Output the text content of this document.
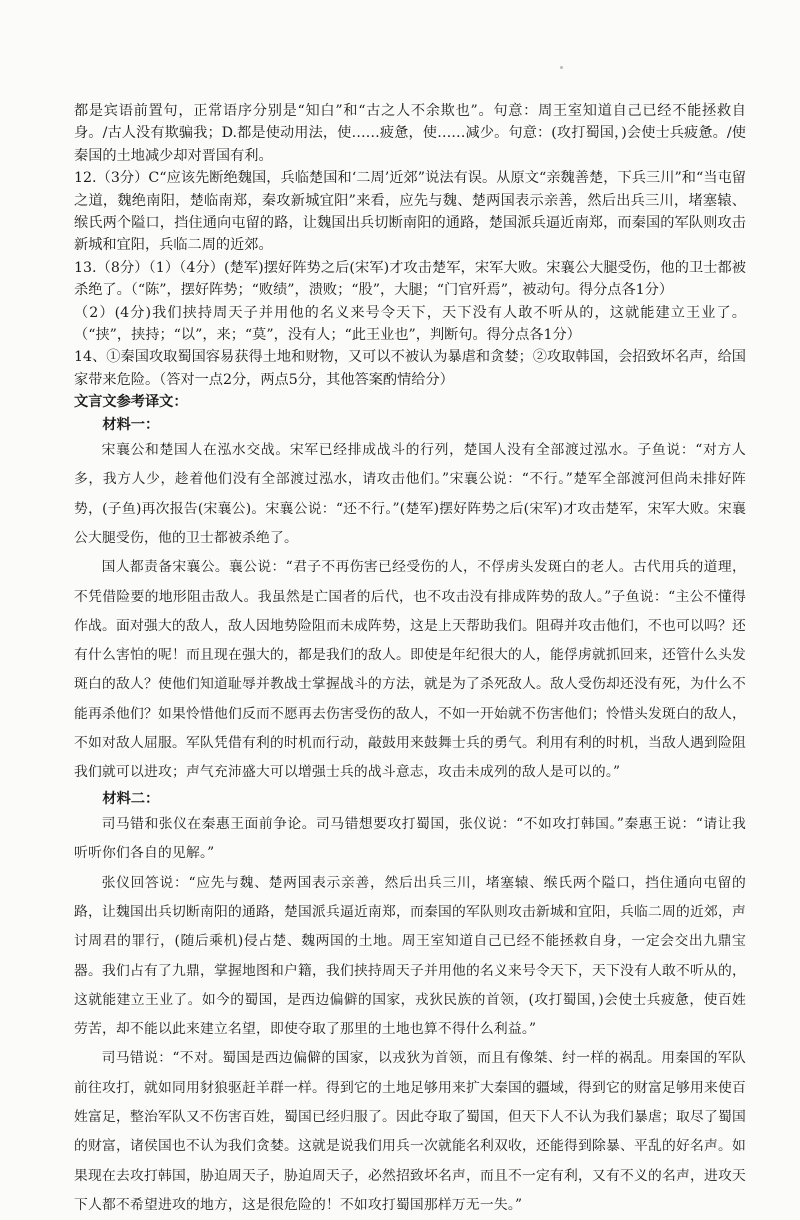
都是宾语前置句，正常语序分别是“知白”和“古之人不余欺也”。句意：周王室知道自己已经不能拯救自身。/古人没有欺骗我；D.都是使动用法，使……疲惫，使……减少。句意：(攻打蜀国，)会使士兵疲惫。/使秦国的土地减少却对晋国有利。

12.（3分）C“应该先断绝魏国，兵临楚国和‘二周’近郊”说法有误。从原文“亲魏善楚，下兵三川”和“当屯留之道，魏绝南阳，楚临南郑，秦攻新城宜阳”来看，应先与魏、楚两国表示亲善，然后出兵三川，堵塞辕、缑氏两个隘口，挡住通向屯留的路，让魏国出兵切断南阳的通路，楚国派兵逼近南郑，而秦国的军队则攻击新城和宜阳，兵临二周的近郊。

13.（8分）（1）（4分）(楚军)摆好阵势之后(宋军)才攻击楚军，宋军大败。宋襄公大腿受伤，他的卫士都被杀绝了。（“陈”，摆好阵势；“败绩”，溃败；“股”，大腿；“门官歼焉”，被动句。得分点各1分）

（2）(4分)我们挟持周天子并用他的名义来号令天下，天下没有人敢不听从的，这就能建立王业了。（“挟”，挟持；“以”，来；“莫”，没有人；“此王业也”，判断句。得分点各1分）

14、①秦国攻取蜀国容易获得土地和财物，又可以不被认为暴虐和贪婪；②攻取韩国，会招致坏名声，给国家带来危险。（答对一点2分，两点5分，其他答案酌情给分）

文言文参考译文：

材料一：

宋襄公和楚国人在泓水交战。宋军已经排成战斗的行列，楚国人没有全部渡过泓水。子鱼说：“对方人多，我方人少，趁着他们没有全部渡过泓水，请攻击他们。”宋襄公说：“不行。”楚军全部渡河但尚未排好阵势，(子鱼)再次报告(宋襄公)。宋襄公说：“还不行。”(楚军)摆好阵势之后(宋军)才攻击楚军，宋军大败。宋襄公大腿受伤，他的卫士都被杀绝了。

国人都责备宋襄公。襄公说：“君子不再伤害已经受伤的人，不俘虏头发斑白的老人。古代用兵的道理，不凭借险要的地形阻击敌人。我虽然是亡国者的后代，也不攻击没有排成阵势的敌人。”子鱼说：“主公不懂得作战。面对强大的敌人，敌人因地势险阻而未成阵势，这是上天帮助我们。阻碍并攻击他们，不也可以吗？还有什么害怕的呢！而且现在强大的，都是我们的敌人。即使是年纪很大的人，能俘虏就抓回来，还管什么头发斑白的敌人？使他们知道耻辱并教战士掌握战斗的方法，就是为了杀死敌人。敌人受伤却还没有死，为什么不能再杀他们？如果怜惜他们反而不愿再去伤害受伤的敌人，不如一开始就不伤害他们；怜惜头发斑白的敌人，不如对敌人屈服。军队凭借有利的时机而行动，敲鼓用来鼓舞士兵的勇气。利用有利的时机，当敌人遇到险阻我们就可以进攻；声气充沛盛大可以增强士兵的战斗意志，攻击未成列的敌人是可以的。”

材料二：

司马错和张仪在秦惠王面前争论。司马错想要攻打蜀国，张仪说：“不如攻打韩国。”秦惠王说：“请让我听听你们各自的见解。”

张仪回答说：“应先与魏、楚两国表示亲善，然后出兵三川，堵塞辕、缑氏两个隘口，挡住通向屯留的路，让魏国出兵切断南阳的通路，楚国派兵逼近南郑，而秦国的军队则攻击新城和宜阳，兵临二周的近郊，声讨周君的罪行，(随后乘机)侵占楚、魏两国的土地。周王室知道自己已经不能拯救自身，一定会交出九鼎宝器。我们占有了九鼎，掌握地图和户籍，我们挟持周天子并用他的名义来号令天下，天下没有人敢不听从的，这就能建立王业了。如今的蜀国，是西边偏僻的国家，戎狄民族的首领，(攻打蜀国，)会使士兵疲惫，使百姓劳苦，却不能以此来建立名望，即使夺取了那里的土地也算不得什么利益。”

司马错说：“不对。蜀国是西边偏僻的国家，以戎狄为首领，而且有像桀、纣一样的祸乱。用秦国的军队前往攻打，就如同用豺狼驱赶羊群一样。得到它的土地足够用来扩大秦国的疆域，得到它的财富足够用来使百姓富足，整治军队又不伤害百姓，蜀国已经归服了。因此夺取了蜀国，但天下人不认为我们暴虐；取尽了蜀国的财富，诸侯国也不认为我们贪婪。这就是说我们用兵一次就能名利双收，还能得到除暴、平乱的好名声。如果现在去攻打韩国，胁迫周天子，胁迫周天子，必然招致坏名声，而且不一定有利，又有不义的名声，进攻天下人都不希望进攻的地方，这是很危险的！不如攻打蜀国那样万无一失。”
